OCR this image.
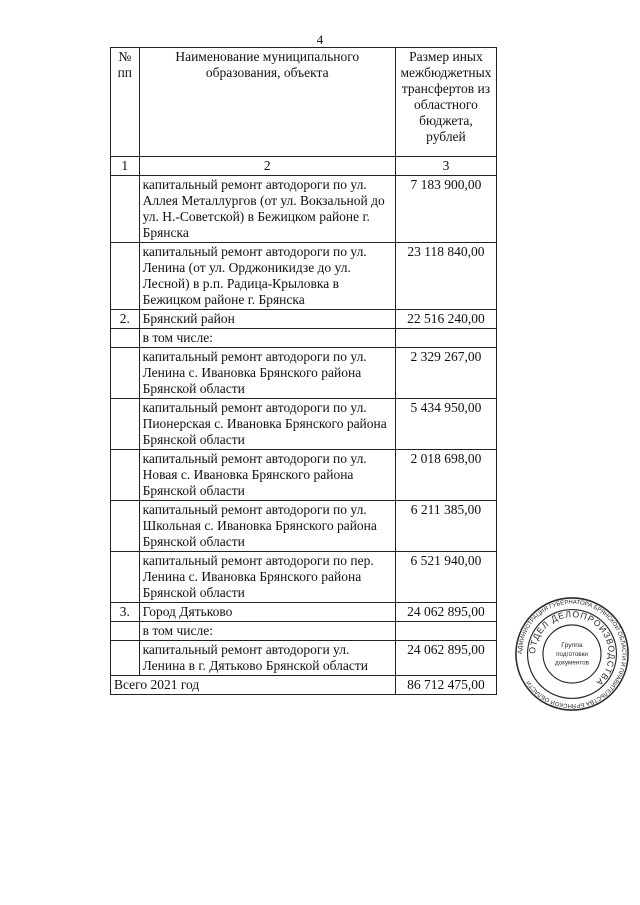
4
№ пп	Наименование муниципального образования, объекта	Размер иных межбюджетных трансфертов из областного бюджета, рублей
1	2	3
	капитальный ремонт автодороги по ул. Аллея Металлургов (от ул. Вокзальной до ул. Н.-Советской) в Бежицком районе г. Брянска	7 183 900,00
	капитальный ремонт автодороги по ул. Ленина (от ул. Орджоникидзе до ул. Лесной) в р.п. Радица-Крыловка в Бежицком районе г. Брянска	23 118 840,00
2.	Брянский район	22 516 240,00
	в том числе:	
	капитальный ремонт автодороги по ул. Ленина с. Ивановка Брянского района Брянской области	2 329 267,00
	капитальный ремонт автодороги по ул. Пионерская с. Ивановка Брянского района Брянской области	5 434 950,00
	капитальный ремонт автодороги по ул. Новая с. Ивановка Брянского района Брянской области	2 018 698,00
	капитальный ремонт автодороги по ул. Школьная с. Ивановка Брянского района Брянской области	6 211 385,00
	капитальный ремонт автодороги по пер. Ленина с. Ивановка Брянского района Брянской области	6 521 940,00
3.	Город Дятьково	24 062 895,00
	в том числе:	
	капитальный ремонт автодороги ул. Ленина в г. Дятьково Брянской области	24 062 895,00
Всего 2021 год		86 712 475,00
АДМИНИСТРАЦИЯ ГУБЕРНАТОРА БРЯНСКОЙ ОБЛАСТИ И ПРАВИТЕЛЬСТВА БРЯНСКОЙ ОБЛАСТИ
ОТДЕЛ ДЕЛОПРОИЗВОДСТВА
Группа
подготовки
документов
